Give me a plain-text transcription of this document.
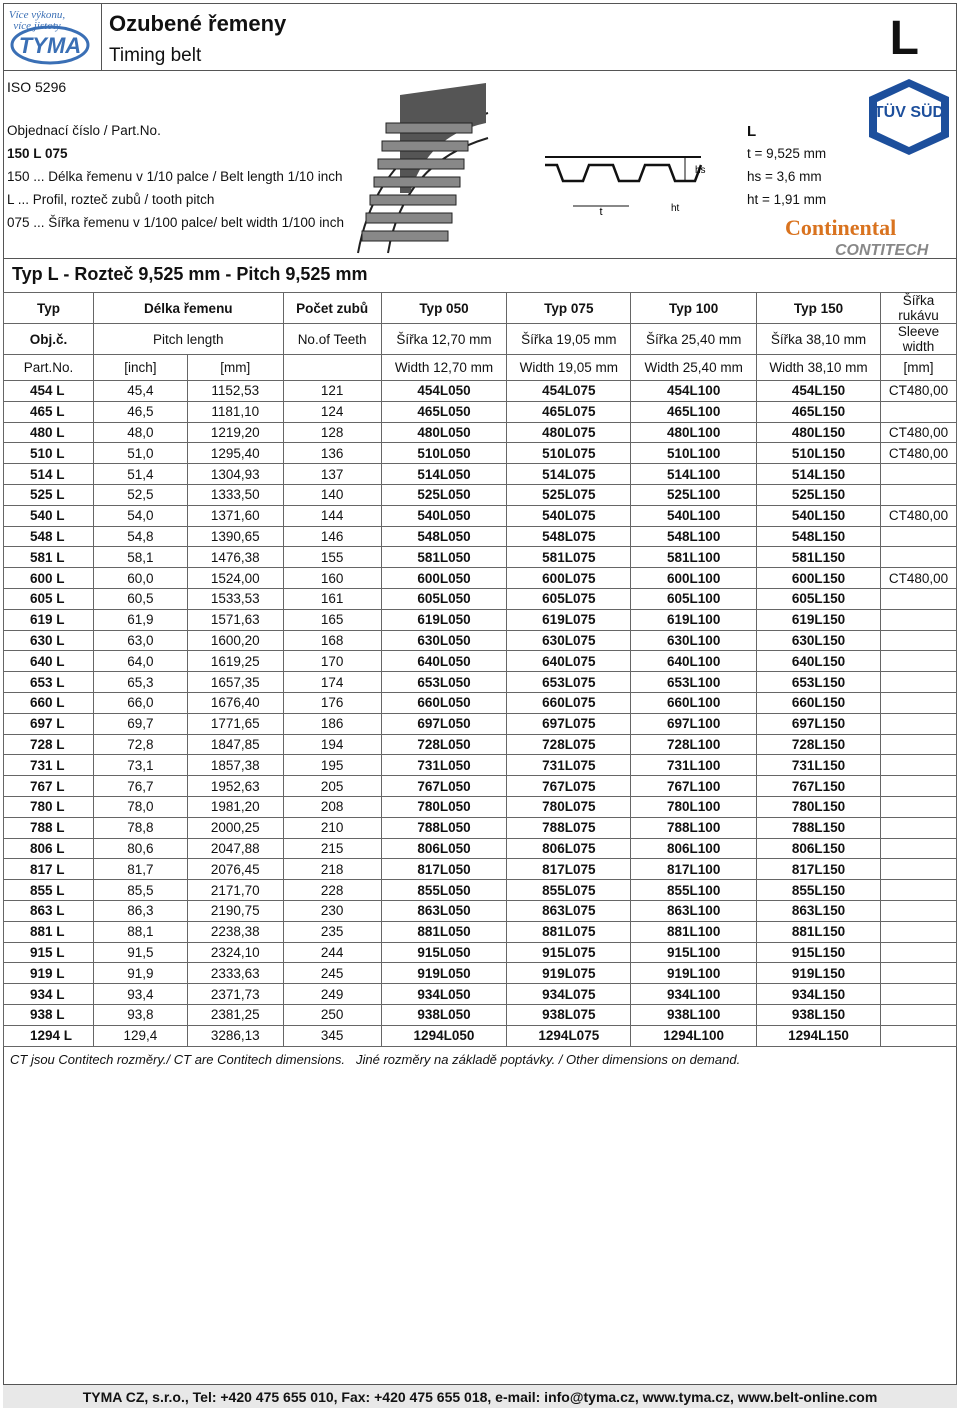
TYMA
Více výkonu,
více jistoty Ozubené řemeny
Timing belt	L
ISO 5296
Objednací číslo / Part.No.
150 L 075
150 ... Délka řemenu v 1/10 palce / Belt length 1/10 inch
L ... Profil, rozteč zubů / tooth pitch
075 ... Šířka řemenu v 1/100 palce/ belt width 1/100 inch
t
hs
ht
L
t = 9,525 mm
hs = 3,6 mm
ht = 1,91 mm
TÜV SÜD
Continental
CONTITECH
Typ L - Rozteč 9,525 mm - Pitch 9,525 mm
Typ	Délka řemenu		Počet zubů	Typ 050	Typ 075	Typ 100	Typ 150	Šířka rukávu
Obj.č.	Pitch length		No.of Teeth	Šířka 12,70 mm	Šířka 19,05 mm	Šířka 25,40 mm	Šířka 38,10 mm	Sleeve width
Part.No.	[inch]	[mm]		Width 12,70 mm	Width 19,05 mm	Width 25,40 mm	Width 38,10 mm	[mm]
454 L	45,4	1152,53	121	454L050	454L075	454L100	454L150	CT480,00
465 L	46,5	1181,10	124	465L050	465L075	465L100	465L150	
480 L	48,0	1219,20	128	480L050	480L075	480L100	480L150	CT480,00
510 L	51,0	1295,40	136	510L050	510L075	510L100	510L150	CT480,00
514 L	51,4	1304,93	137	514L050	514L075	514L100	514L150	
525 L	52,5	1333,50	140	525L050	525L075	525L100	525L150	
540 L	54,0	1371,60	144	540L050	540L075	540L100	540L150	CT480,00
548 L	54,8	1390,65	146	548L050	548L075	548L100	548L150	
581 L	58,1	1476,38	155	581L050	581L075	581L100	581L150	
600 L	60,0	1524,00	160	600L050	600L075	600L100	600L150	CT480,00
605 L	60,5	1533,53	161	605L050	605L075	605L100	605L150	
619 L	61,9	1571,63	165	619L050	619L075	619L100	619L150	
630 L	63,0	1600,20	168	630L050	630L075	630L100	630L150	
640 L	64,0	1619,25	170	640L050	640L075	640L100	640L150	
653 L	65,3	1657,35	174	653L050	653L075	653L100	653L150	
660 L	66,0	1676,40	176	660L050	660L075	660L100	660L150	
697 L	69,7	1771,65	186	697L050	697L075	697L100	697L150	
728 L	72,8	1847,85	194	728L050	728L075	728L100	728L150	
731 L	73,1	1857,38	195	731L050	731L075	731L100	731L150	
767 L	76,7	1952,63	205	767L050	767L075	767L100	767L150	
780 L	78,0	1981,20	208	780L050	780L075	780L100	780L150	
788 L	78,8	2000,25	210	788L050	788L075	788L100	788L150	
806 L	80,6	2047,88	215	806L050	806L075	806L100	806L150	
817 L	81,7	2076,45	218	817L050	817L075	817L100	817L150	
855 L	85,5	2171,70	228	855L050	855L075	855L100	855L150	
863 L	86,3	2190,75	230	863L050	863L075	863L100	863L150	
881 L	88,1	2238,38	235	881L050	881L075	881L100	881L150	
915 L	91,5	2324,10	244	915L050	915L075	915L100	915L150	
919 L	91,9	2333,63	245	919L050	919L075	919L100	919L150	
934 L	93,4	2371,73	249	934L050	934L075	934L100	934L150	
938 L	93,8	2381,25	250	938L050	938L075	938L100	938L150	
1294 L	129,4	3286,13	345	1294L050	1294L075	1294L100	1294L150	
CT jsou Contitech rozměry./ CT are Contitech dimensions. Jiné rozměry na základě poptávky. / Other dimensions on demand.
TYMA CZ, s.r.o., Tel: +420 475 655 010, Fax: +420 475 655 018, e-mail: info@tyma.cz, www.tyma.cz, www.belt-online.com
